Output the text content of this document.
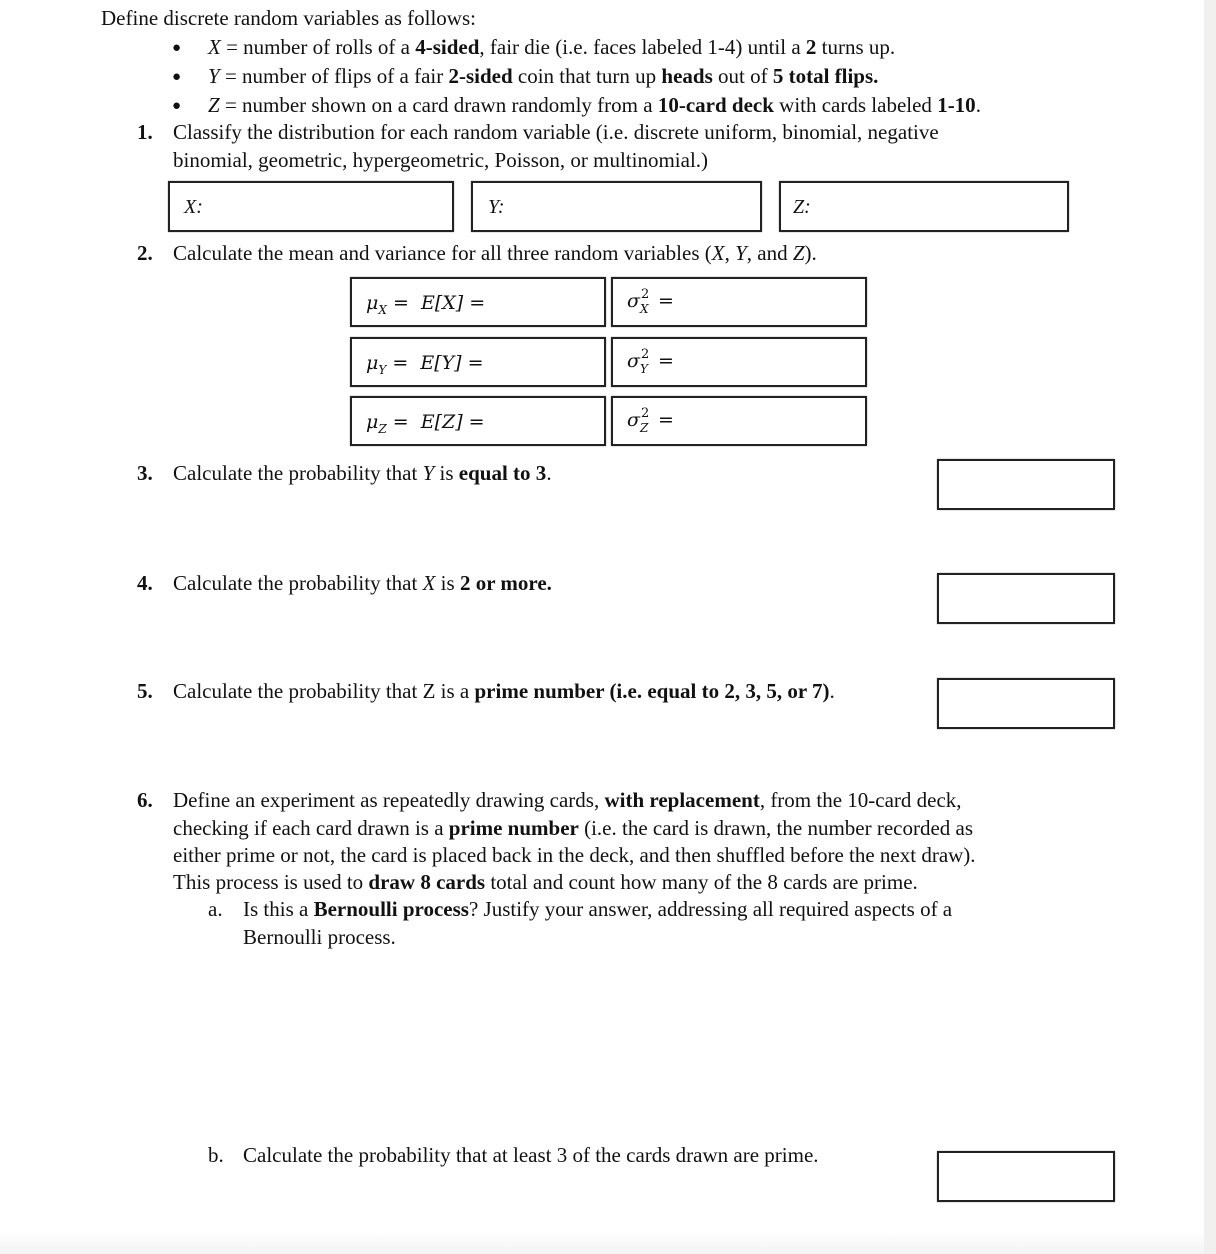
Define discrete random variables as follows:
● X = number of rolls of a 4-sided, fair die (i.e. faces labeled 1-4) until a 2 turns up.
● Y = number of flips of a fair 2-sided coin that turn up heads out of 5 total flips.
● Z = number shown on a card drawn randomly from a 10-card deck with cards labeled 1-10.
1. Classify the distribution for each random variable (i.e. discrete uniform, binomial, negative
binomial, geometric, hypergeometric, Poisson, or multinomial.)
X:	Y:	Z:
2. Calculate the mean and variance for all three random variables (X, Y, and Z).
$\mu_X = E[X]$ =	σ 2
X =
$\mu_Y = E[Y]$ =	σ 2
Y =
$\mu_Z = E[Z]$ =	σ 2
Z =
3. Calculate the probability that Y is equal to 3.
4. Calculate the probability that X is 2 or more.
5. Calculate the probability that Z is a prime number (i.e. equal to 2, 3, 5, or 7).
6. Define an experiment as repeatedly drawing cards, with replacement, from the 10-card deck,
checking if each card drawn is a prime number (i.e. the card is drawn, the number recorded as
either prime or not, the card is placed back in the deck, and then shuffled before the next draw).
This process is used to draw 8 cards total and count how many of the 8 cards are prime.
a. Is this a Bernoulli process? Justify your answer, addressing all required aspects of a
Bernoulli process.
b. Calculate the probability that at least 3 of the cards drawn are prime.
